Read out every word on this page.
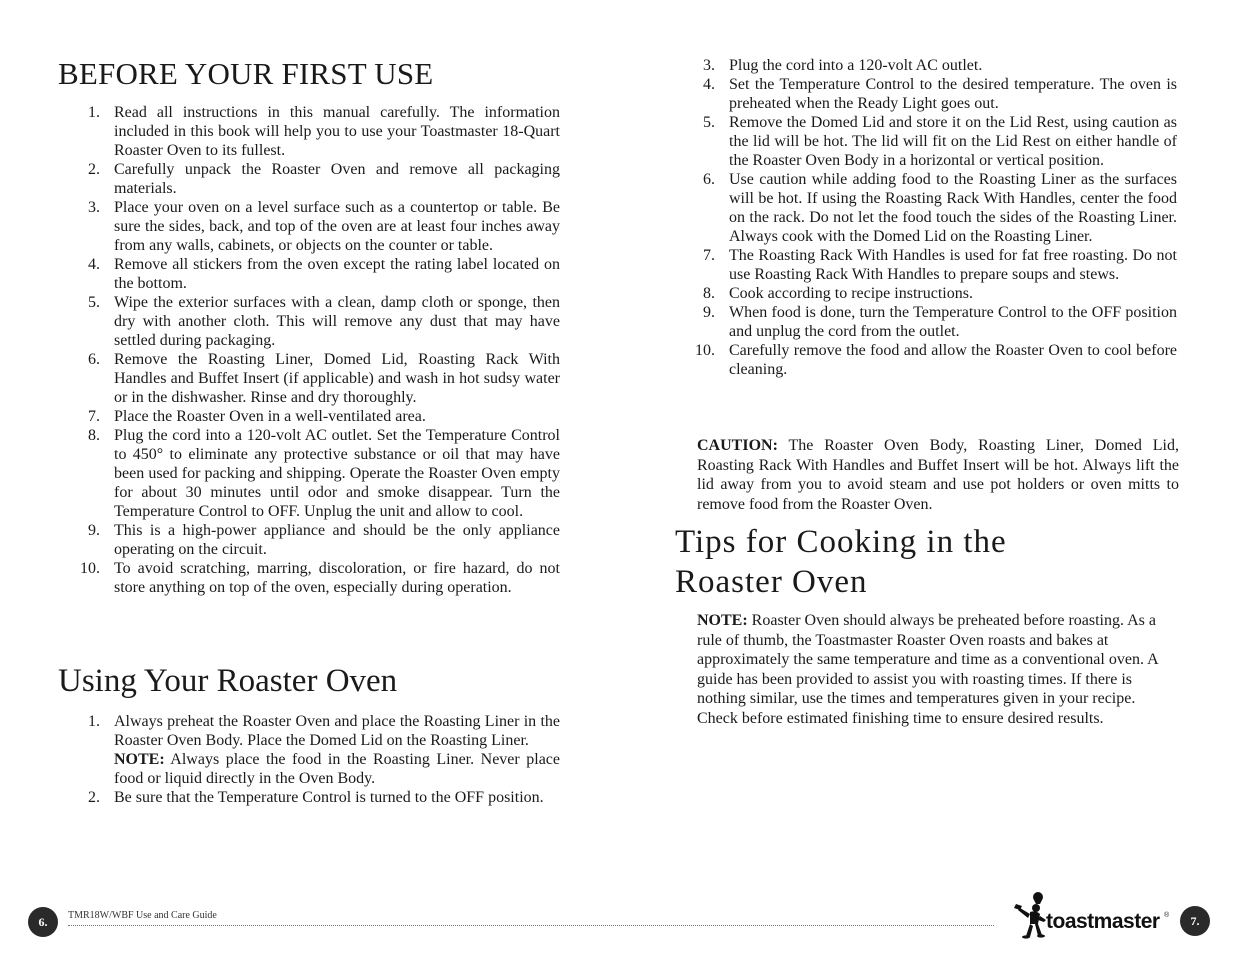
BEFORE YOUR FIRST USE
1. Read all instructions in this manual carefully. The information included in this book will help you to use your Toastmaster 18-Quart Roaster Oven to its fullest.
2. Carefully unpack the Roaster Oven and remove all packaging materials.
3. Place your oven on a level surface such as a countertop or table. Be sure the sides, back, and top of the oven are at least four inches away from any walls, cabinets, or objects on the counter or table.
4. Remove all stickers from the oven except the rating label located on the bottom.
5. Wipe the exterior surfaces with a clean, damp cloth or sponge, then dry with another cloth. This will remove any dust that may have settled during packaging.
6. Remove the Roasting Liner, Domed Lid, Roasting Rack With Handles and Buffet Insert (if applicable) and wash in hot sudsy water or in the dishwasher. Rinse and dry thoroughly.
7. Place the Roaster Oven in a well-ventilated area.
8. Plug the cord into a 120-volt AC outlet. Set the Temperature Control to 450° to eliminate any protective substance or oil that may have been used for packing and shipping. Operate the Roaster Oven empty for about 30 minutes until odor and smoke disappear. Turn the Temperature Control to OFF. Unplug the unit and allow to cool.
9. This is a high-power appliance and should be the only appliance operating on the circuit.
10. To avoid scratching, marring, discoloration, or fire hazard, do not store anything on top of the oven, especially during operation.
Using Your Roaster Oven
1. Always preheat the Roaster Oven and place the Roasting Liner in the Roaster Oven Body. Place the Domed Lid on the Roasting Liner.
NOTE: Always place the food in the Roasting Liner. Never place food or liquid directly in the Oven Body.
2. Be sure that the Temperature Control is turned to the OFF position.
3. Plug the cord into a 120-volt AC outlet.
4. Set the Temperature Control to the desired temperature. The oven is preheated when the Ready Light goes out.
5. Remove the Domed Lid and store it on the Lid Rest, using caution as the lid will be hot. The lid will fit on the Lid Rest on either handle of the Roaster Oven Body in a horizontal or vertical position.
6. Use caution while adding food to the Roasting Liner as the surfaces will be hot. If using the Roasting Rack With Handles, center the food on the rack. Do not let the food touch the sides of the Roasting Liner. Always cook with the Domed Lid on the Roasting Liner.
7. The Roasting Rack With Handles is used for fat free roasting. Do not use Roasting Rack With Handles to prepare soups and stews.
8. Cook according to recipe instructions.
9. When food is done, turn the Temperature Control to the OFF position and unplug the cord from the outlet.
10. Carefully remove the food and allow the Roaster Oven to cool before cleaning.

CAUTION: The Roaster Oven Body, Roasting Liner, Domed Lid, Roasting Rack With Handles and Buffet Insert will be hot. Always lift the lid away from you to avoid steam and use pot holders or oven mitts to remove food from the Roaster Oven.

Tips for Cooking in the Roaster Oven

NOTE: Roaster Oven should always be preheated before roasting. As a rule of thumb, the Toastmaster Roaster Oven roasts and bakes at approximately the same temperature and time as a conventional oven. A guide has been provided to assist you with roasting times. If there is nothing similar, use the times and temperatures given in your recipe. Check before estimated finishing time to ensure desired results.

6.	TMR18W/WBF Use and Care Guide	toastmaster ®	7.
